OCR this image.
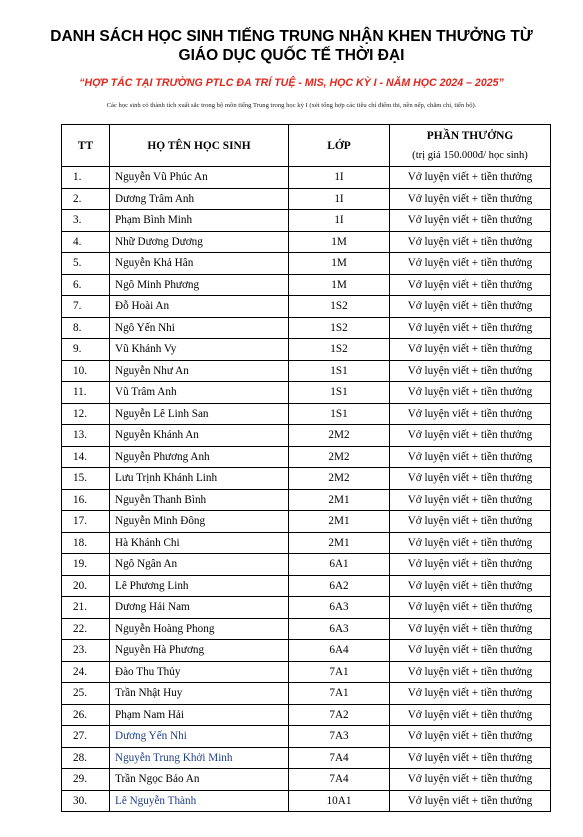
DANH SÁCH HỌC SINH TIẾNG TRUNG NHẬN KHEN THƯỞNG TỪ
GIÁO DỤC QUỐC TẾ THỜI ĐẠI
“HỢP TÁC TẠI TRƯỜNG PTLC ĐA TRÍ TUỆ - MIS, HỌC KỲ I - NĂM HỌC 2024 – 2025”
Các học sinh có thành tích xuất sắc trong bộ môn tiếng Trung trong học kỳ I (xét tổng hợp các tiêu chí điểm thi, nền nếp, chăm chỉ, tiến bộ).
TT	HỌ TÊN HỌC SINH	LỚP	PHẦN THƯỞNG
(trị giá 150.000đ/ học sinh)

1.	Nguyễn Vũ Phúc An	1I	Vở luyện viết + tiền thưởng
2.	Dương Trâm Anh	1I	Vở luyện viết + tiền thưởng
3.	Phạm Bình Minh	1I	Vở luyện viết + tiền thưởng
4.	Nhữ Dương Dương	1M	Vở luyện viết + tiền thưởng
5.	Nguyễn Khả Hân	1M	Vở luyện viết + tiền thưởng
6.	Ngô Minh Phương	1M	Vở luyện viết + tiền thưởng
7.	Đỗ Hoài An	1S2	Vở luyện viết + tiền thưởng
8.	Ngô Yến Nhi	1S2	Vở luyện viết + tiền thưởng
9.	Vũ Khánh Vy	1S2	Vở luyện viết + tiền thưởng
10.	Nguyễn Như An	1S1	Vở luyện viết + tiền thưởng
11.	Vũ Trâm Anh	1S1	Vở luyện viết + tiền thưởng
12.	Nguyễn Lê Linh San	1S1	Vở luyện viết + tiền thưởng
13.	Nguyễn Khánh An	2M2	Vở luyện viết + tiền thưởng
14.	Nguyễn Phương Anh	2M2	Vở luyện viết + tiền thưởng
15.	Lưu Trịnh Khánh Linh	2M2	Vở luyện viết + tiền thưởng
16.	Nguyễn Thanh Bình	2M1	Vở luyện viết + tiền thưởng
17.	Nguyễn Minh Đông	2M1	Vở luyện viết + tiền thưởng
18.	Hà Khánh Chi	2M1	Vở luyện viết + tiền thưởng
19.	Ngô Ngân An	6A1	Vở luyện viết + tiền thưởng
20.	Lê Phương Linh	6A2	Vở luyện viết + tiền thưởng
21.	Dương Hải Nam	6A3	Vở luyện viết + tiền thưởng
22.	Nguyễn Hoàng Phong	6A3	Vở luyện viết + tiền thưởng
23.	Nguyễn Hà Phương	6A4	Vở luyện viết + tiền thưởng
24.	Đào Thu Thủy	7A1	Vở luyện viết + tiền thưởng
25.	Trần Nhật Huy	7A1	Vở luyện viết + tiền thưởng
26.	Phạm Nam Hải	7A2	Vở luyện viết + tiền thưởng
27.	Dương Yến Nhi	7A3	Vở luyện viết + tiền thưởng
28.	Nguyễn Trung Khởi Minh	7A4	Vở luyện viết + tiền thưởng
29.	Trần Ngọc Bảo An	7A4	Vở luyện viết + tiền thưởng
30.	Lê Nguyễn Thành	10A1	Vở luyện viết + tiền thưởng
